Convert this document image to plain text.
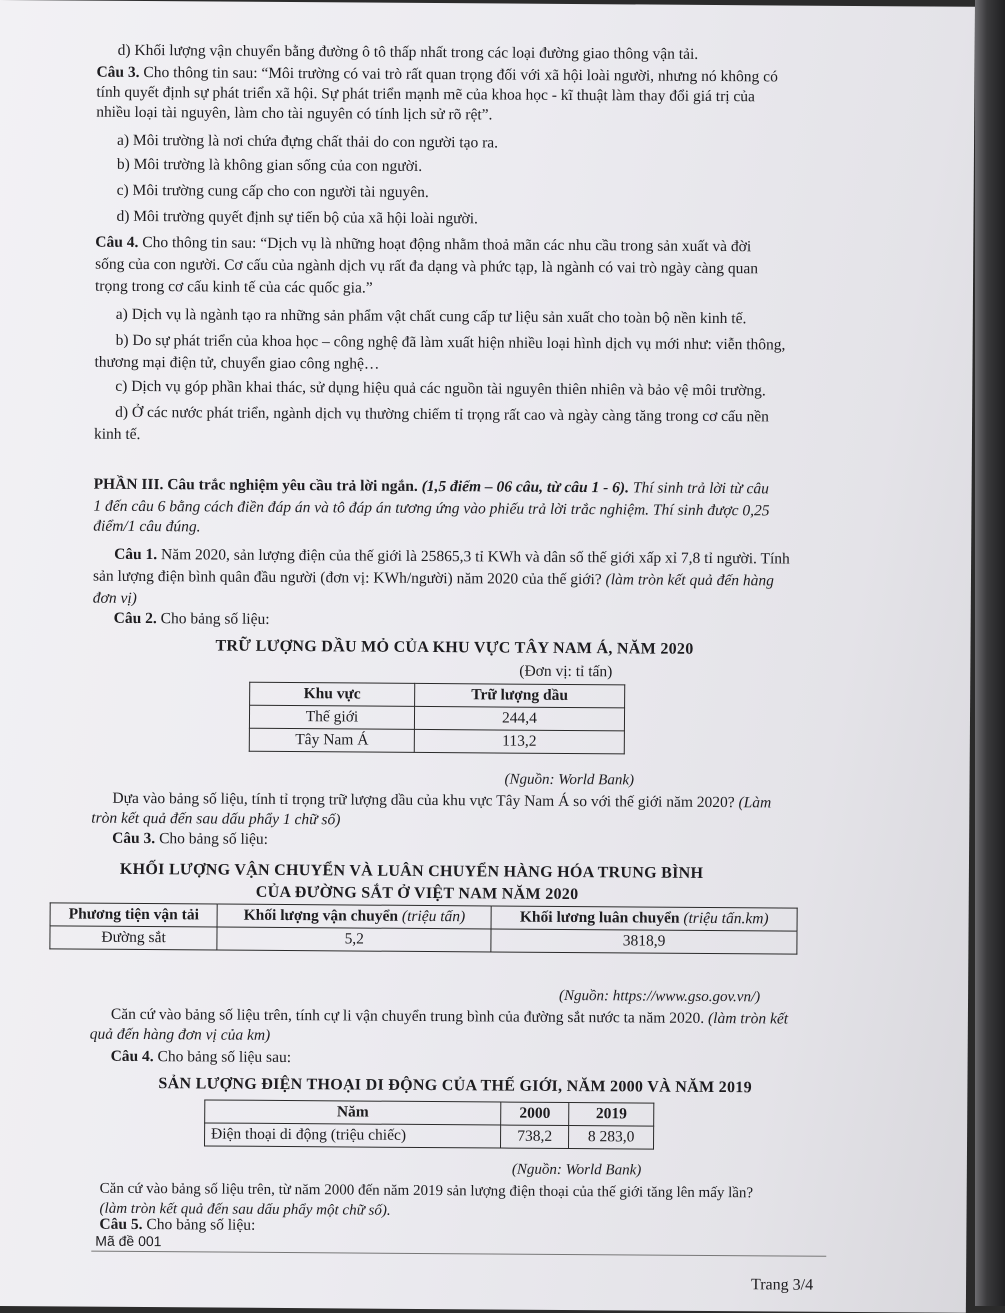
d) Khối lượng vận chuyển bằng đường ô tô thấp nhất trong các loại đường giao thông vận tải.
Câu 3. Cho thông tin sau: “Môi trường có vai trò rất quan trọng đối với xã hội loài người, nhưng nó không có
tính quyết định sự phát triển xã hội. Sự phát triển mạnh mẽ của khoa học - kĩ thuật làm thay đổi giá trị của
nhiều loại tài nguyên, làm cho tài nguyên có tính lịch sử rõ rệt”.
a) Môi trường là nơi chứa đựng chất thải do con người tạo ra.
b) Môi trường là không gian sống của con người.
c) Môi trường cung cấp cho con người tài nguyên.
d) Môi trường quyết định sự tiến bộ của xã hội loài người.
Câu 4. Cho thông tin sau: “Dịch vụ là những hoạt động nhằm thoả mãn các nhu cầu trong sản xuất và đời
sống của con người. Cơ cấu của ngành dịch vụ rất đa dạng và phức tạp, là ngành có vai trò ngày càng quan
trọng trong cơ cấu kinh tế của các quốc gia.”
a) Dịch vụ là ngành tạo ra những sản phẩm vật chất cung cấp tư liệu sản xuất cho toàn bộ nền kinh tế.
b) Do sự phát triển của khoa học – công nghệ đã làm xuất hiện nhiều loại hình dịch vụ mới như: viễn thông,
thương mại điện tử, chuyển giao công nghệ…
c) Dịch vụ góp phần khai thác, sử dụng hiệu quả các nguồn tài nguyên thiên nhiên và bảo vệ môi trường.
d) Ở các nước phát triển, ngành dịch vụ thường chiếm tỉ trọng rất cao và ngày càng tăng trong cơ cấu nền
kinh tế.
PHẦN III. Câu trắc nghiệm yêu cầu trả lời ngắn. (1,5 điểm – 06 câu, từ câu 1 - 6). Thí sinh trả lời từ câu
1 đến câu 6 bằng cách điền đáp án và tô đáp án tương ứng vào phiếu trả lời trắc nghiệm. Thí sinh được 0,25
điểm/1 câu đúng.
Câu 1. Năm 2020, sản lượng điện của thế giới là 25865,3 tỉ KWh và dân số thế giới xấp xỉ 7,8 tỉ người. Tính
sản lượng điện bình quân đầu người (đơn vị: KWh/người) năm 2020 của thế giới? (làm tròn kết quả đến hàng
đơn vị)
Câu 2. Cho bảng số liệu:
TRỮ LƯỢNG DẦU MỎ CỦA KHU VỰC TÂY NAM Á, NĂM 2020
(Đơn vị: tỉ tấn)
Khu vực	Trữ lượng dầu
Thế giới	244,4
Tây Nam Á	113,2
(Nguồn: World Bank)
Dựa vào bảng số liệu, tính tỉ trọng trữ lượng dầu của khu vực Tây Nam Á so với thế giới năm 2020? (Làm
tròn kết quả đến sau dấu phẩy 1 chữ số)
Câu 3. Cho bảng số liệu:
KHỐI LƯỢNG VẬN CHUYỂN VÀ LUÂN CHUYỂN HÀNG HÓA TRUNG BÌNH
CỦA ĐƯỜNG SẮT Ở VIỆT NAM NĂM 2020
Phương tiện vận tải	Khối lượng vận chuyển (triệu tấn)	Khối lương luân chuyển (triệu tấn.km)
Đường sắt	5,2	3818,9
(Nguồn: https://www.gso.gov.vn/)
Căn cứ vào bảng số liệu trên, tính cự li vận chuyển trung bình của đường sắt nước ta năm 2020. (làm tròn kết
quả đến hàng đơn vị của km)
Câu 4. Cho bảng số liệu sau:
SẢN LƯỢNG ĐIỆN THOẠI DI ĐỘNG CỦA THẾ GIỚI, NĂM 2000 VÀ NĂM 2019
Năm	2000	2019
Điện thoại di động (triệu chiếc)	738,2	8 283,0
(Nguồn: World Bank)
Căn cứ vào bảng số liệu trên, từ năm 2000 đến năm 2019 sản lượng điện thoại của thế giới tăng lên mấy lần?
(làm tròn kết quả đến sau dấu phẩy một chữ số).
Câu 5. Cho bảng số liệu:
Mã đề 001
Trang 3/4
